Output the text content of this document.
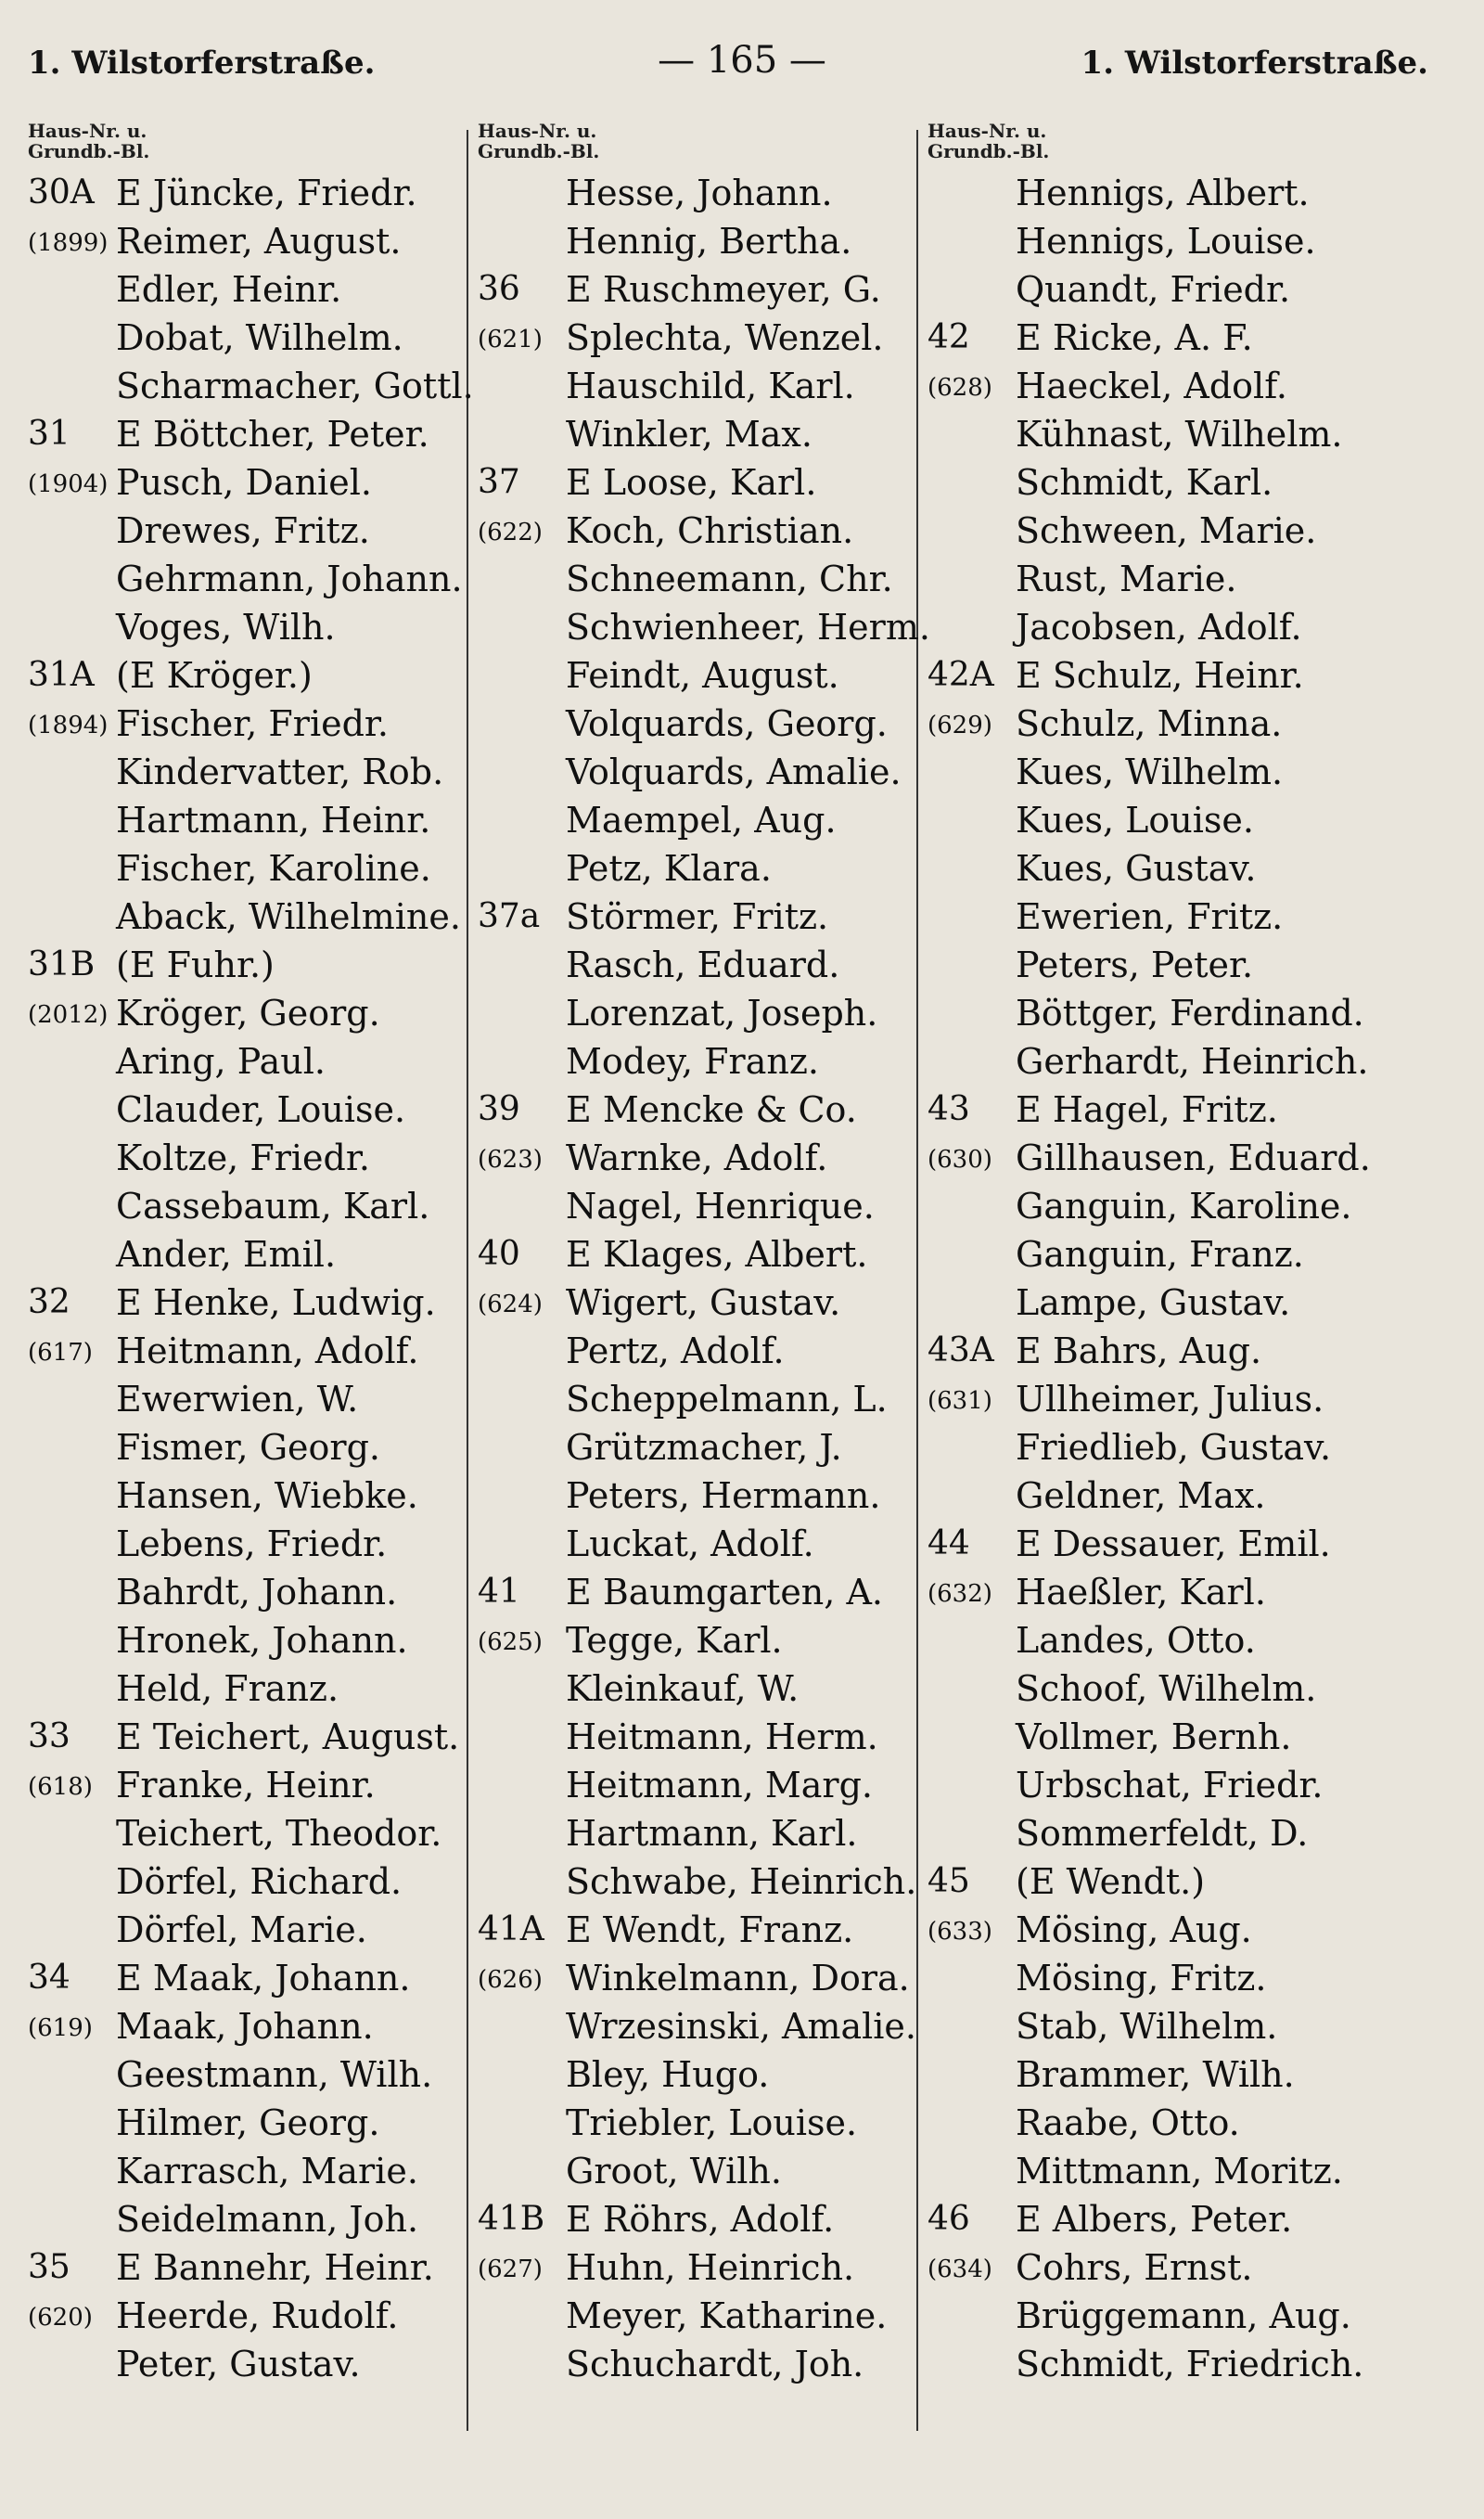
1. Wilstorferstraße.	— 165 —	1. Wilstorferstraße.
Haus-Nr. u.
Grundb.-Bl.
30A E Jüncke, Friedr.
(1899) Reimer, August.
Edler, Heinr.
Dobat, Wilhelm.
Scharmacher, Gottl.
31 E Böttcher, Peter.
(1904) Pusch, Daniel.
Drewes, Fritz.
Gehrmann, Johann.
Voges, Wilh.
31A (E Kröger.)
(1894) Fischer, Friedr.
Kindervatter, Rob.
Hartmann, Heinr.
Fischer, Karoline.
Aback, Wilhelmine.
31B (E Fuhr.)
(2012) Kröger, Georg.
Aring, Paul.
Clauder, Louise.
Koltze, Friedr.
Cassebaum, Karl.
Ander, Emil.
32 E Henke, Ludwig.
(617) Heitmann, Adolf.
Ewerwien, W.
Fismer, Georg.
Hansen, Wiebke.
Lebens, Friedr.
Bahrdt, Johann.
Hronek, Johann.
Held, Franz.
33 E Teichert, August.
(618) Franke, Heinr.
Teichert, Theodor.
Dörfel, Richard.
Dörfel, Marie.
34 E Maak, Johann.
(619) Maak, Johann.
Geestmann, Wilh.
Hilmer, Georg.
Karrasch, Marie.
Seidelmann, Joh.
35 E Bannehr, Heinr.
(620) Heerde, Rudolf.
Peter, Gustav.
Haus-Nr. u.
Grundb.-Bl.
Hesse, Johann.
Hennig, Bertha.
36 E Ruschmeyer, G.
(621) Splechta, Wenzel.
Hauschild, Karl.
Winkler, Max.
37 E Loose, Karl.
(622) Koch, Christian.
Schneemann, Chr.
Schwienheer, Herm.
Feindt, August.
Volquards, Georg.
Volquards, Amalie.
Maempel, Aug.
Petz, Klara.
37a Störmer, Fritz.
Rasch, Eduard.
Lorenzat, Joseph.
Modey, Franz.
39 E Mencke & Co.
(623) Warnke, Adolf.
Nagel, Henrique.
40 E Klages, Albert.
(624) Wigert, Gustav.
Pertz, Adolf.
Scheppelmann, L.
Grützmacher, J.
Peters, Hermann.
Luckat, Adolf.
41 E Baumgarten, A.
(625) Tegge, Karl.
Kleinkauf, W.
Heitmann, Herm.
Heitmann, Marg.
Hartmann, Karl.
Schwabe, Heinrich.
41A E Wendt, Franz.
(626) Winkelmann, Dora.
Wrzesinski, Amalie.
Bley, Hugo.
Triebler, Louise.
Groot, Wilh.
41B E Röhrs, Adolf.
(627) Huhn, Heinrich.
Meyer, Katharine.
Schuchardt, Joh.
Haus-Nr. u.
Grundb.-Bl.
Hennigs, Albert.
Hennigs, Louise.
Quandt, Friedr.
42 E Ricke, A. F.
(628) Haeckel, Adolf.
Kühnast, Wilhelm.
Schmidt, Karl.
Schween, Marie.
Rust, Marie.
Jacobsen, Adolf.
42A E Schulz, Heinr.
(629) Schulz, Minna.
Kues, Wilhelm.
Kues, Louise.
Kues, Gustav.
Ewerien, Fritz.
Peters, Peter.
Böttger, Ferdinand.
Gerhardt, Heinrich.
43 E Hagel, Fritz.
(630) Gillhausen, Eduard.
Ganguin, Karoline.
Ganguin, Franz.
Lampe, Gustav.
43A E Bahrs, Aug.
(631) Ullheimer, Julius.
Friedlieb, Gustav.
Geldner, Max.
44 E Dessauer, Emil.
(632) Haeßler, Karl.
Landes, Otto.
Schoof, Wilhelm.
Vollmer, Bernh.
Urbschat, Friedr.
Sommerfeldt, D.
45 (E Wendt.)
(633) Mösing, Aug.
Mösing, Fritz.
Stab, Wilhelm.
Brammer, Wilh.
Raabe, Otto.
Mittmann, Moritz.
46 E Albers, Peter.
(634) Cohrs, Ernst.
Brüggemann, Aug.
Schmidt, Friedrich.
